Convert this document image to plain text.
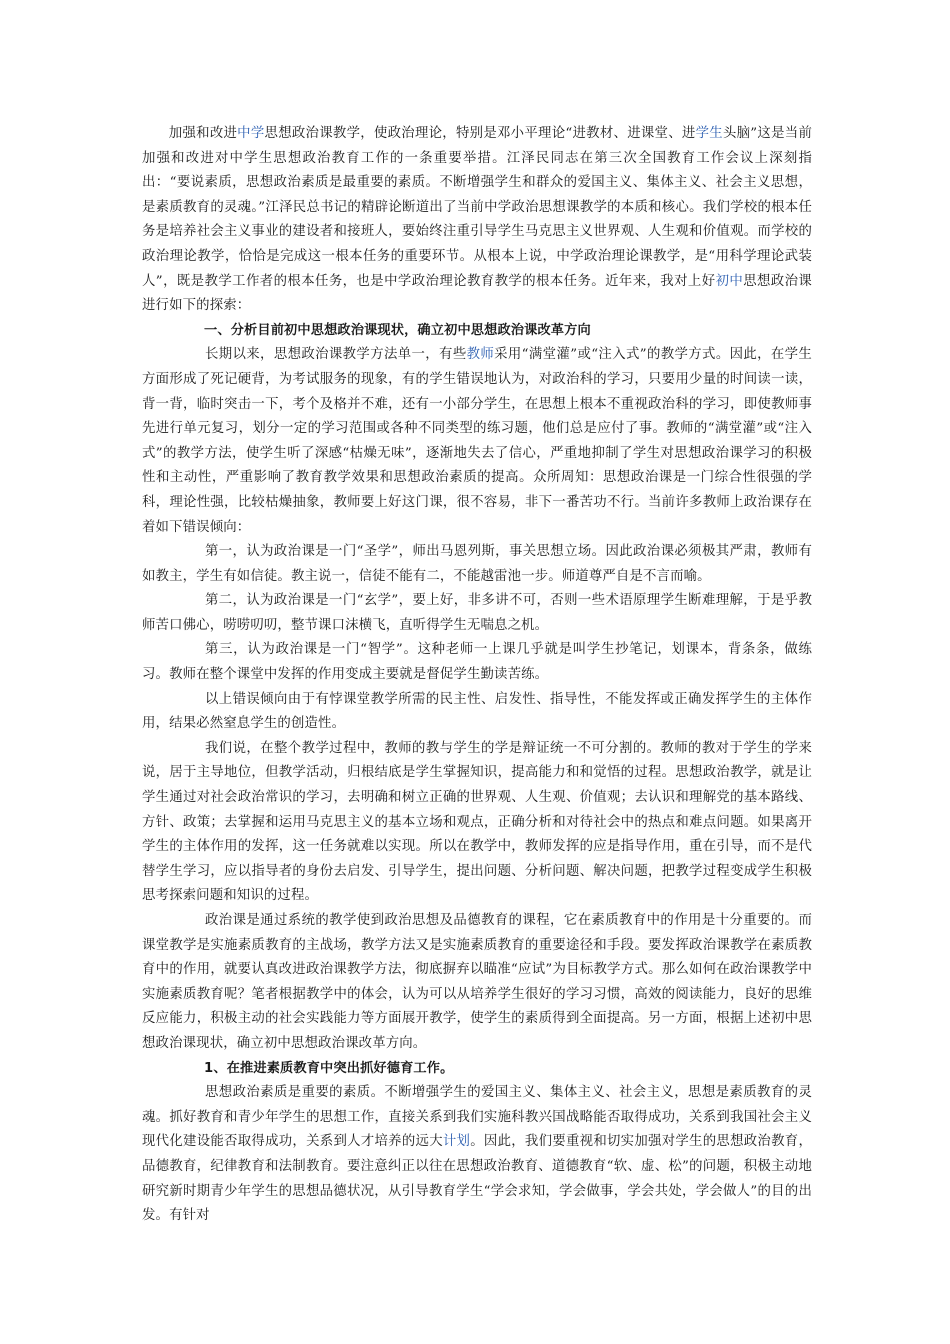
加强和改进中学思想政治课教学，使政治理论，特别是邓小平理论“进教材、进课堂、进学生头脑”这是当前加强和改进对中学生思想政治教育工作的一条重要举措。江泽民同志在第三次全国教育工作会议上深刻指出：“要说素质，思想政治素质是最重要的素质。不断增强学生和群众的爱国主义、集体主义、社会主义思想，是素质教育的灵魂。”江泽民总书记的精辟论断道出了当前中学政治思想课教学的本质和核心。我们学校的根本任务是培养社会主义事业的建设者和接班人，要始终注重引导学生马克思主义世界观、人生观和价值观。而学校的政治理论教学，恰恰是完成这一根本任务的重要环节。从根本上说，中学政治理论课教学，是“用科学理论武装人”，既是教学工作者的根本任务，也是中学政治理论教育教学的根本任务。近年来，我对上好初中思想政治课进行如下的探索：

一、分析目前初中思想政治课现状，确立初中思想政治课改革方向

长期以来，思想政治课教学方法单一，有些教师采用“满堂灌”或“注入式”的教学方式。因此，在学生方面形成了死记硬背，为考试服务的现象，有的学生错误地认为，对政治科的学习，只要用少量的时间读一读，背一背，临时突击一下，考个及格并不难，还有一小部分学生，在思想上根本不重视政治科的学习，即使教师事先进行单元复习，划分一定的学习范围或各种不同类型的练习题，他们总是应付了事。教师的“满堂灌”或“注入式”的教学方法，使学生听了深感“枯燥无味”，逐渐地失去了信心，严重地抑制了学生对思想政治课学习的积极性和主动性，严重影响了教育教学效果和思想政治素质的提高。众所周知：思想政治课是一门综合性很强的学科，理论性强，比较枯燥抽象，教师要上好这门课，很不容易，非下一番苦功不行。当前许多教师上政治课存在着如下错误倾向：

第一，认为政治课是一门“圣学”，师出马恩列斯，事关思想立场。因此政治课必须极其严肃，教师有如教主，学生有如信徒。教主说一，信徒不能有二，不能越雷池一步。师道尊严自是不言而喻。

第二，认为政治课是一门“玄学”，要上好，非多讲不可，否则一些术语原理学生断难理解，于是乎教师苦口佛心，唠唠叨叨，整节课口沫横飞，直听得学生无喘息之机。

第三，认为政治课是一门“智学”。这种老师一上课几乎就是叫学生抄笔记，划课本，背条条，做练习。教师在整个课堂中发挥的作用变成主要就是督促学生勤读苦练。

以上错误倾向由于有悖课堂教学所需的民主性、启发性、指导性，不能发挥或正确发挥学生的主体作用，结果必然窒息学生的创造性。

我们说，在整个教学过程中，教师的教与学生的学是辩证统一不可分割的。教师的教对于学生的学来说，居于主导地位，但教学活动，归根结底是学生掌握知识，提高能力和和觉悟的过程。思想政治教学，就是让学生通过对社会政治常识的学习，去明确和树立正确的世界观、人生观、价值观；去认识和理解党的基本路线、方针、政策；去掌握和运用马克思主义的基本立场和观点，正确分析和对待社会中的热点和难点问题。如果离开学生的主体作用的发挥，这一任务就难以实现。所以在教学中，教师发挥的应是指导作用，重在引导，而不是代替学生学习，应以指导者的身份去启发、引导学生，提出问题、分析问题、解决问题，把教学过程变成学生积极思考探索问题和知识的过程。

政治课是通过系统的教学使到政治思想及品德教育的课程，它在素质教育中的作用是十分重要的。而课堂教学是实施素质教育的主战场，教学方法又是实施素质教育的重要途径和手段。要发挥政治课教学在素质教育中的作用，就要认真改进政治课教学方法，彻底摒弃以瞄准“应试”为目标教学方式。那么如何在政治课教学中实施素质教育呢？笔者根据教学中的体会，认为可以从培养学生很好的学习习惯，高效的阅读能力，良好的思维反应能力，积极主动的社会实践能力等方面展开教学，使学生的素质得到全面提高。另一方面，根据上述初中思想政治课现状，确立初中思想政治课改革方向。

1、在推进素质教育中突出抓好德育工作。

思想政治素质是重要的素质。不断增强学生的爱国主义、集体主义、社会主义，思想是素质教育的灵魂。抓好教育和青少年学生的思想工作，直接关系到我们实施科教兴国战略能否取得成功，关系到我国社会主义现代化建设能否取得成功，关系到人才培养的远大计划。因此，我们要重视和切实加强对学生的思想政治教育，品德教育，纪律教育和法制教育。要注意纠正以往在思想政治教育、道德教育“软、虚、松”的问题，积极主动地研究新时期青少年学生的思想品德状况，从引导教育学生“学会求知，学会做事，学会共处，学会做人”的目的出发。有针对
